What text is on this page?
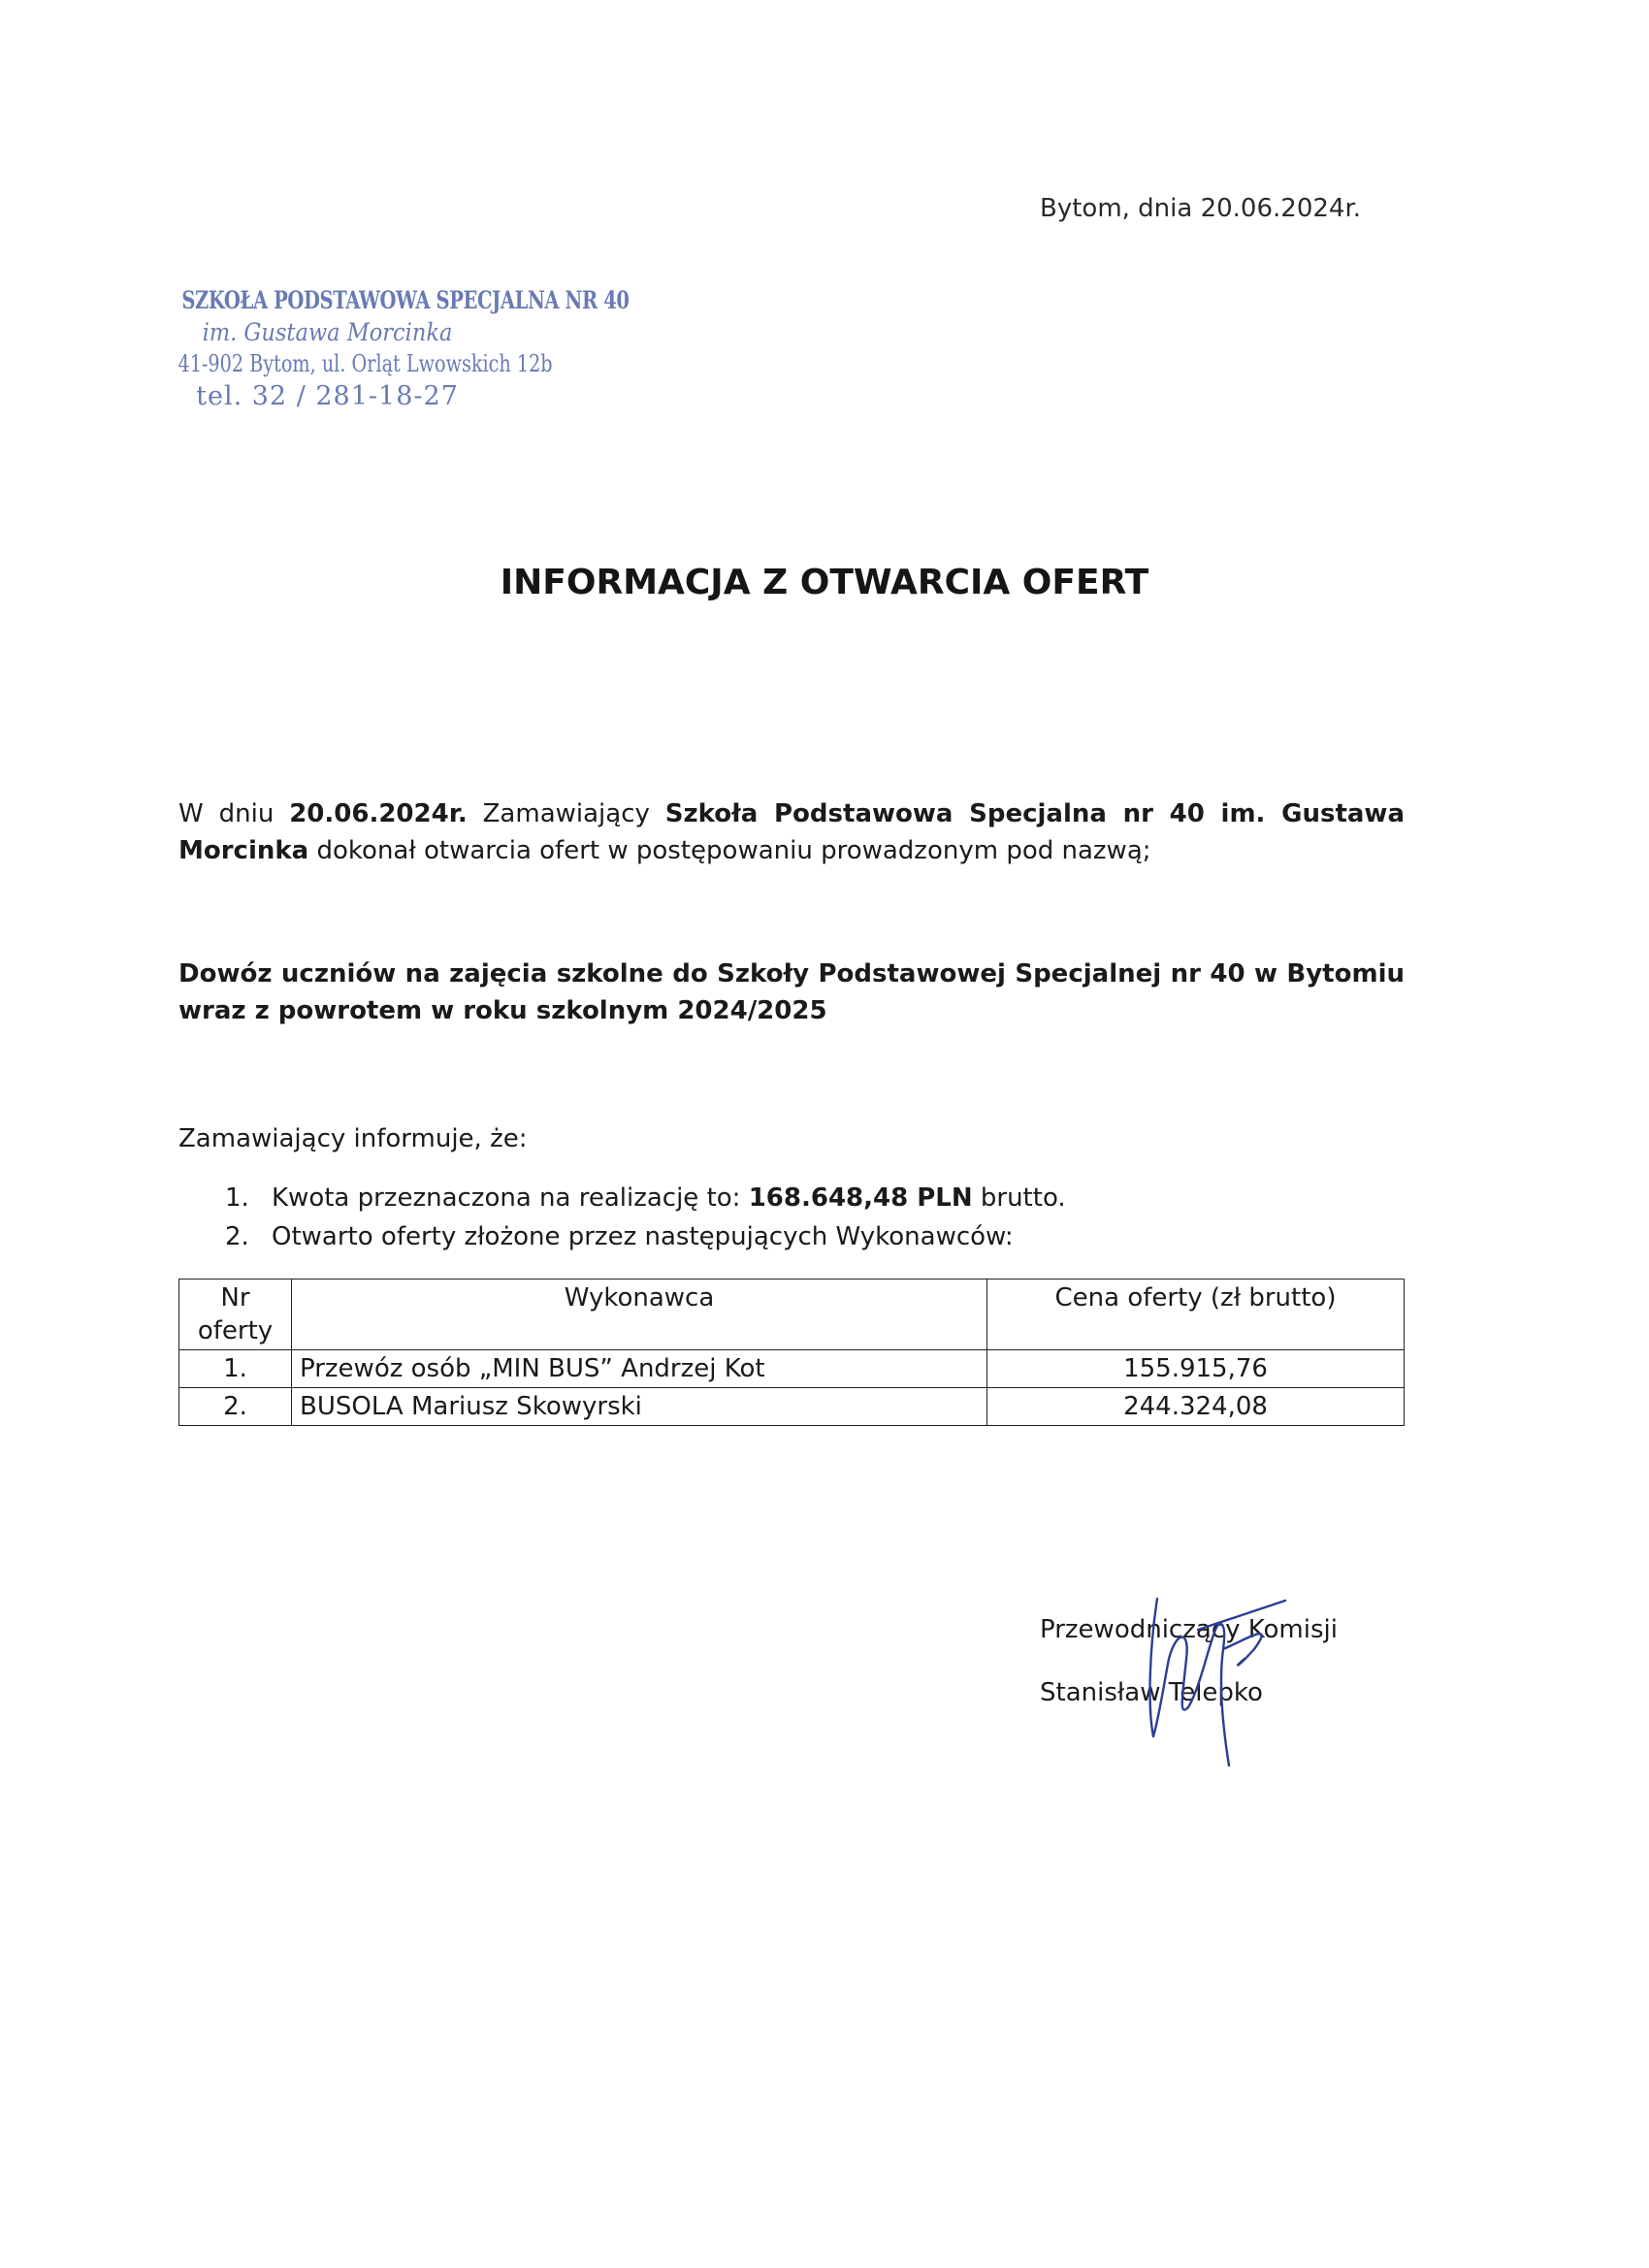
Bytom, dnia 20.06.2024r.
SZKOŁA PODSTAWOWA SPECJALNA NR 40
im. Gustawa Morcinka
41-902 Bytom, ul. Orląt Lwowskich 12b
tel. 32 / 281-18-27
INFORMACJA Z OTWARCIA OFERT
W dniu 20.06.2024r. Zamawiający Szkoła Podstawowa Specjalna nr 40 im. Gustawa Morcinka dokonał otwarcia ofert w postępowaniu prowadzonym pod nazwą;
Dowóz uczniów na zajęcia szkolne do Szkoły Podstawowej Specjalnej nr 40 w Bytomiu wraz z powrotem w roku szkolnym 2024/2025
Zamawiający informuje, że:
1. Kwota przeznaczona na realizację to: 168.648,48 PLN brutto.
2. Otwarto oferty złożone przez następujących Wykonawców:
Nr oferty	Wykonawca	Cena oferty (zł brutto)
1.	Przewóz osób „MIN BUS” Andrzej Kot	155.915,76
2.	BUSOLA Mariusz Skowyrski	244.324,08
Przewodniczący Komisji
Stanisław Telepko
